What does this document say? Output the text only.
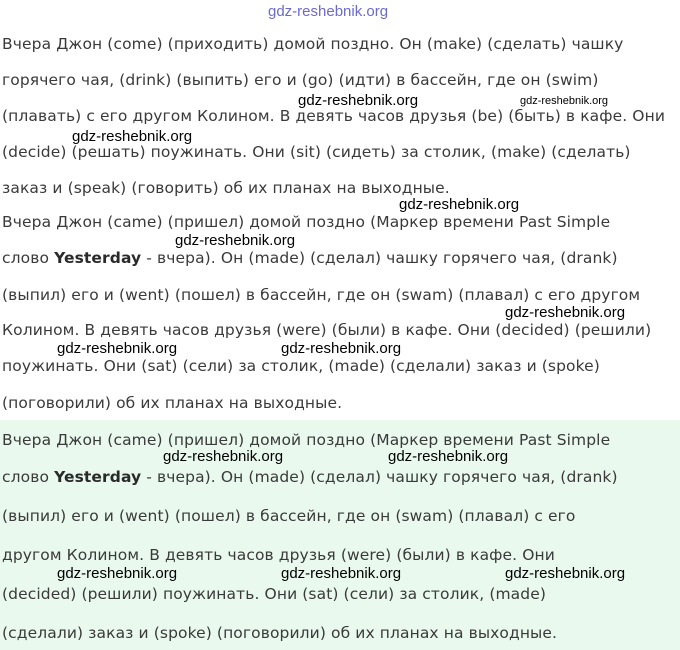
gdz-reshebnik.org
Вчера Джон (come) (приходить) домой поздно. Он (make) (сделать) чашку
горячего чая, (drink) (выпить) его и (go) (идти) в бассейн, где он (swim)
(плавать) с его другом Колином. В девять часов друзья (be) (быть) в кафе. Они
(decide) (решать) поужинать. Они (sit) (сидеть) за столик, (make) (сделать)
заказ и (speak) (говорить) об их планах на выходные.
Вчера Джон (came) (пришел) домой поздно (Маркер времени Past Simple
слово Yesterday - вчера). Он (made) (сделал) чашку горячего чая, (drank)
(выпил) его и (went) (пошел) в бассейн, где он (swam) (плавал) с его другом
Колином. В девять часов друзья (were) (были) в кафе. Они (decided) (решили)
поужинать. Они (sat) (сели) за столик, (made) (сделали) заказ и (spoke)
(поговорили) об их планах на выходные.
Вчера Джон (came) (пришел) домой поздно (Маркер времени Past Simple
слово Yesterday - вчера). Он (made) (сделал) чашку горячего чая, (drank)
(выпил) его и (went) (пошел) в бассейн, где он (swam) (плавал) с его
другом Колином. В девять часов друзья (were) (были) в кафе. Они
(decided) (решили) поужинать. Они (sat) (сели) за столик, (made)
(сделали) заказ и (spoke) (поговорили) об их планах на выходные.
gdz-reshebnik.org	gdz-reshebnik.org
gdz-reshebnik.org
gdz-reshebnik.org
gdz-reshebnik.org
gdz-reshebnik.org
gdz-reshebnik.org	gdz-reshebnik.org
gdz-reshebnik.org	gdz-reshebnik.org
gdz-reshebnik.org	gdz-reshebnik.org	gdz-reshebnik.org
